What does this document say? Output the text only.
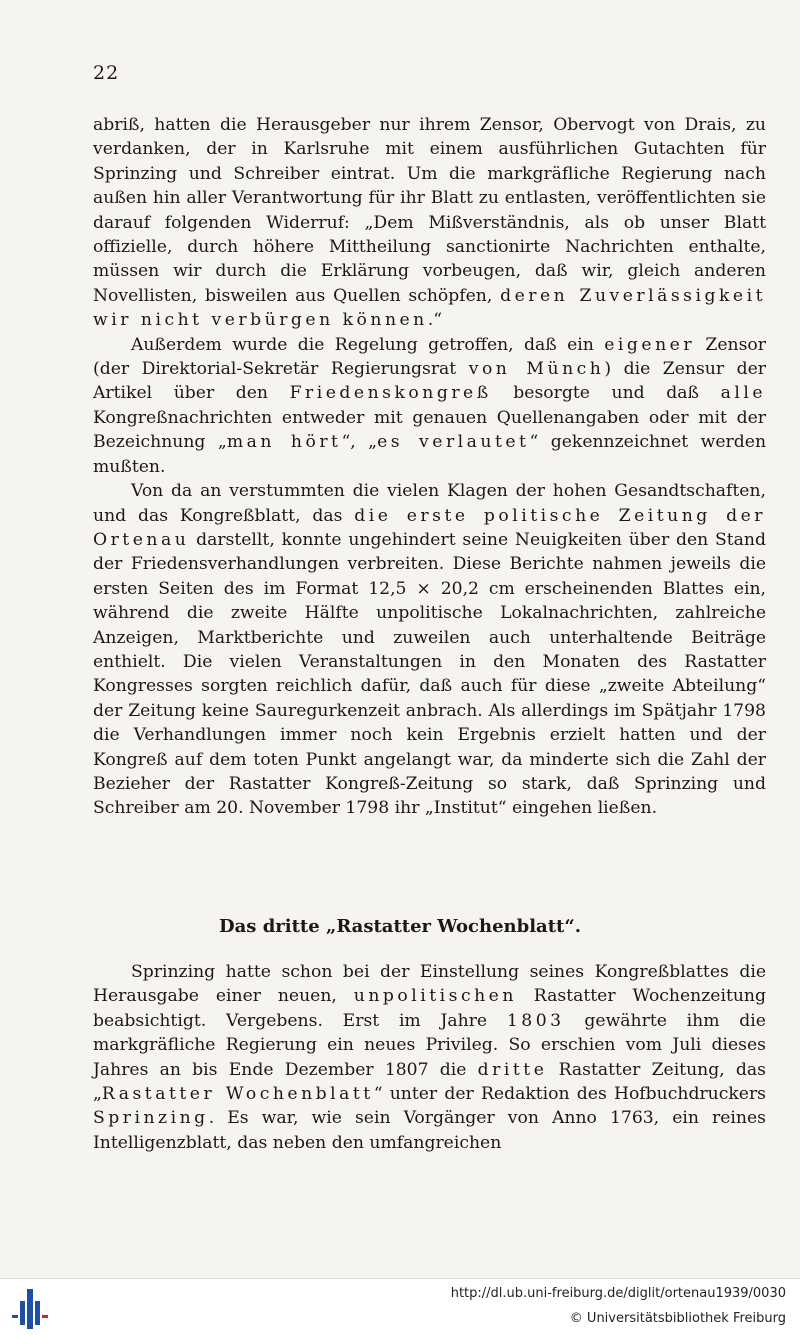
22

abriß, hatten die Herausgeber nur ihrem Zensor, Obervogt von Drais, zu verdanken, der in Karlsruhe mit einem ausführlichen Gutachten für Sprinzing und Schreiber eintrat. Um die markgräfliche Regierung nach außen hin aller Verantwortung für ihr Blatt zu entlasten, veröffentlichten sie darauf folgenden Widerruf: „Dem Mißverständnis, als ob unser Blatt offizielle, durch höhere Mittheilung sanctionirte Nachrichten enthalte, müssen wir durch die Erklärung vorbeugen, daß wir, gleich anderen Novellisten, bisweilen aus Quellen schöpfen, deren Zuverlässigkeit wir nicht verbürgen können.“

Außerdem wurde die Regelung getroffen, daß ein eigener Zensor (der Direktorial-Sekretär Regierungsrat von Münch) die Zensur der Artikel über den Friedenskongreß besorgte und daß alle Kongreßnachrichten entweder mit genauen Quellenangaben oder mit der Bezeichnung „man hört“, „es verlautet“ gekennzeichnet werden mußten.

Von da an verstummten die vielen Klagen der hohen Gesandtschaften, und das Kongreßblatt, das die erste politische Zeitung der Ortenau darstellt, konnte ungehindert seine Neuigkeiten über den Stand der Friedensverhandlungen verbreiten. Diese Berichte nahmen jeweils die ersten Seiten des im Format 12,5 × 20,2 cm erscheinenden Blattes ein, während die zweite Hälfte unpolitische Lokalnachrichten, zahlreiche Anzeigen, Marktberichte und zuweilen auch unterhaltende Beiträge enthielt. Die vielen Veranstaltungen in den Monaten des Rastatter Kongresses sorgten reichlich dafür, daß auch für diese „zweite Abteilung“ der Zeitung keine Sauregurkenzeit anbrach. Als allerdings im Spätjahr 1798 die Verhandlungen immer noch kein Ergebnis erzielt hatten und der Kongreß auf dem toten Punkt angelangt war, da minderte sich die Zahl der Bezieher der Rastatter Kongreß-Zeitung so stark, daß Sprinzing und Schreiber am 20. November 1798 ihr „Institut“ eingehen ließen.

Das dritte „Rastatter Wochenblatt“.

Sprinzing hatte schon bei der Einstellung seines Kongreßblattes die Herausgabe einer neuen, unpolitischen Rastatter Wochenzeitung beabsichtigt. Vergebens. Erst im Jahre 1803 gewährte ihm die markgräfliche Regierung ein neues Privileg. So erschien vom Juli dieses Jahres an bis Ende Dezember 1807 die dritte Rastatter Zeitung, das „Rastatter Wochenblatt“ unter der Redaktion des Hofbuchdruckers Sprinzing. Es war, wie sein Vorgänger von Anno 1763, ein reines Intelligenzblatt, das neben den umfangreichen

http://dl.ub.uni-freiburg.de/diglit/ortenau1939/0030
© Universitätsbibliothek Freiburg
